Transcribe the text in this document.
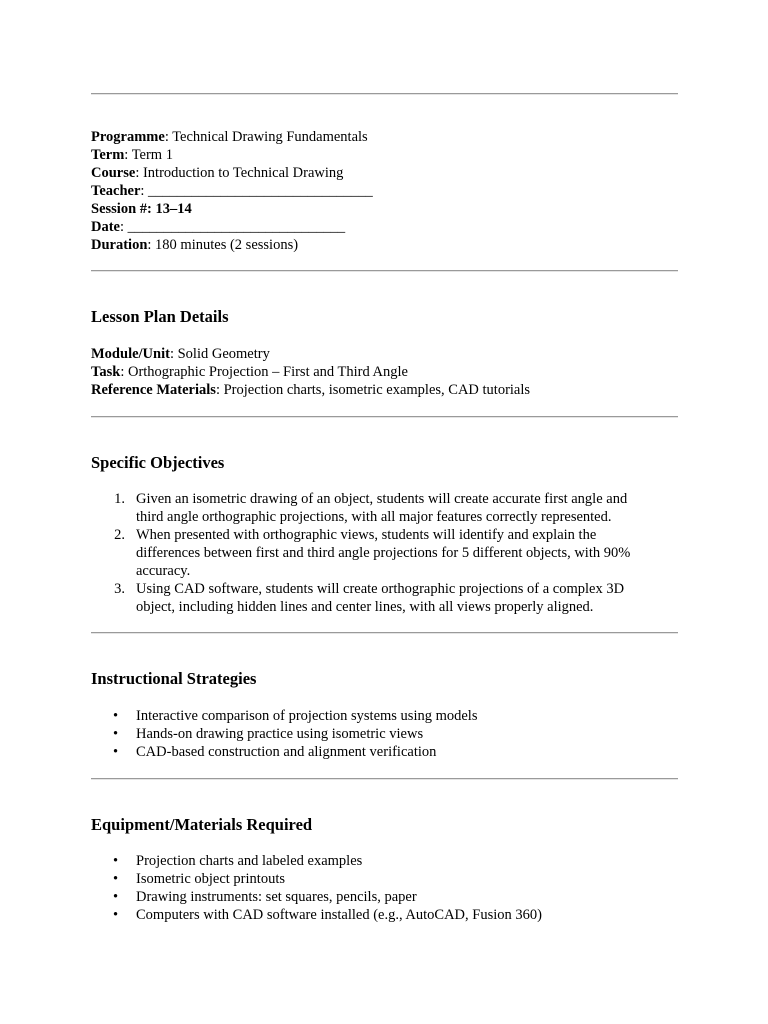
Programme: Technical Drawing Fundamentals
Term: Term 1
Course: Introduction to Technical Drawing
Teacher: _______________________________
Session #: 13–14
Date: ______________________________
Duration: 180 minutes (2 sessions)
Lesson Plan Details
Module/Unit: Solid Geometry
Task: Orthographic Projection – First and Third Angle
Reference Materials: Projection charts, isometric examples, CAD tutorials
Specific Objectives
1. Given an isometric drawing of an object, students will create accurate first angle and
third angle orthographic projections, with all major features correctly represented.
2. When presented with orthographic views, students will identify and explain the
differences between first and third angle projections for 5 different objects, with 90%
accuracy.
3. Using CAD software, students will create orthographic projections of a complex 3D
object, including hidden lines and center lines, with all views properly aligned.
Instructional Strategies
• Interactive comparison of projection systems using models
• Hands-on drawing practice using isometric views
• CAD-based construction and alignment verification
Equipment/Materials Required
• Projection charts and labeled examples
• Isometric object printouts
• Drawing instruments: set squares, pencils, paper
• Computers with CAD software installed (e.g., AutoCAD, Fusion 360)
